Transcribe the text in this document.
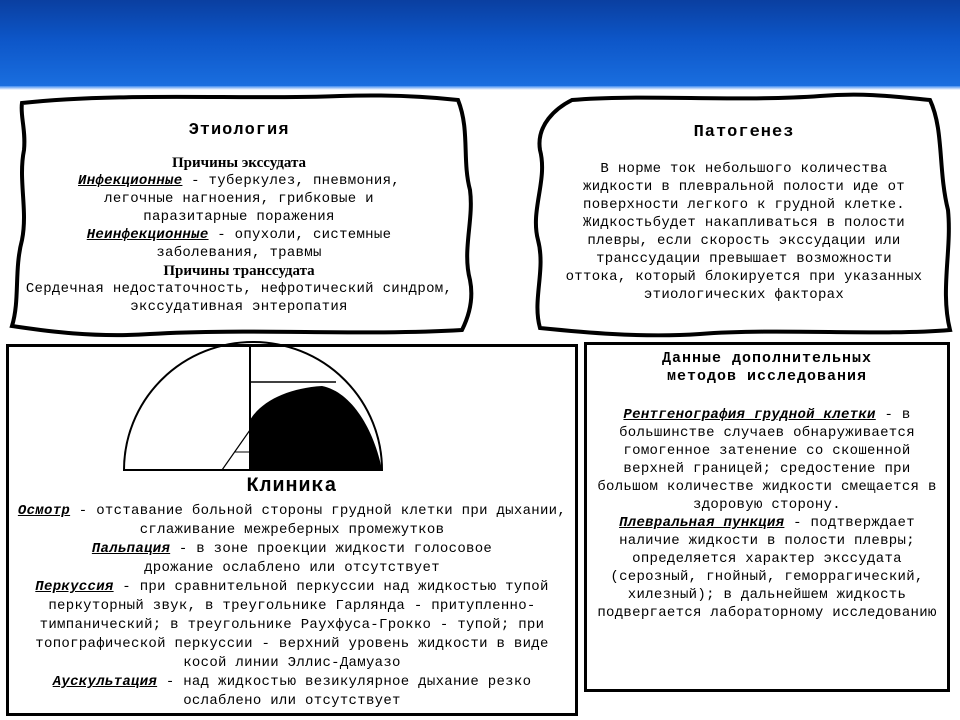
Этиология
Причины экссудата

Инфекционные - туберкулез, пневмония, легочные нагноения, грибковые и паразитарные поражения

Неинфекционные - опухоли, системные заболевания, травмы

Причины транссудата

Сердечная недостаточность, нефротический синдром, экссудативная энтеропатия

Патогенез

В норме ток небольшого количества жидкости в плевральной полости иде от поверхности легкого к грудной клетке. Жидкостьбудет накапливаться в полости плевры, если скорость экссудации или транссудации превышает возможности оттока, который блокируется при указанных этиологических факторах

Клиника

Осмотр - отставание больной стороны грудной клетки при дыхании, сглаживание межреберных промежутков

Пальпация - в зоне проекции жидкости голосовое дрожание ослаблено или отсутствует

Перкуссия - при сравнительной перкуссии над жидкостью тупой перкуторный звук, в треугольнике Гарлянда - притупленно-тимпанический; в треугольнике Раухфуса-Грокко - тупой; при топографической перкуссии - верхний уровень жидкости в виде косой линии Эллис-Дамуазо

Аускультация - над жидкостью везикулярное дыхание резко ослаблено или отсутствует

Данные дополнительных
методов исследования

Рентгенография грудной клетки - в большинстве случаев обнаруживается гомогенное затенение со скошенной верхней границей; средостение при большом количестве жидкости смещается в здоровую сторону.

Плевральная пункция - подтверждает наличие жидкости в полости плевры; определяется характер экссудата (серозный, гнойный, геморрагический, хилезный); в дальнейшем жидкость подвергается лабораторному исследованию
